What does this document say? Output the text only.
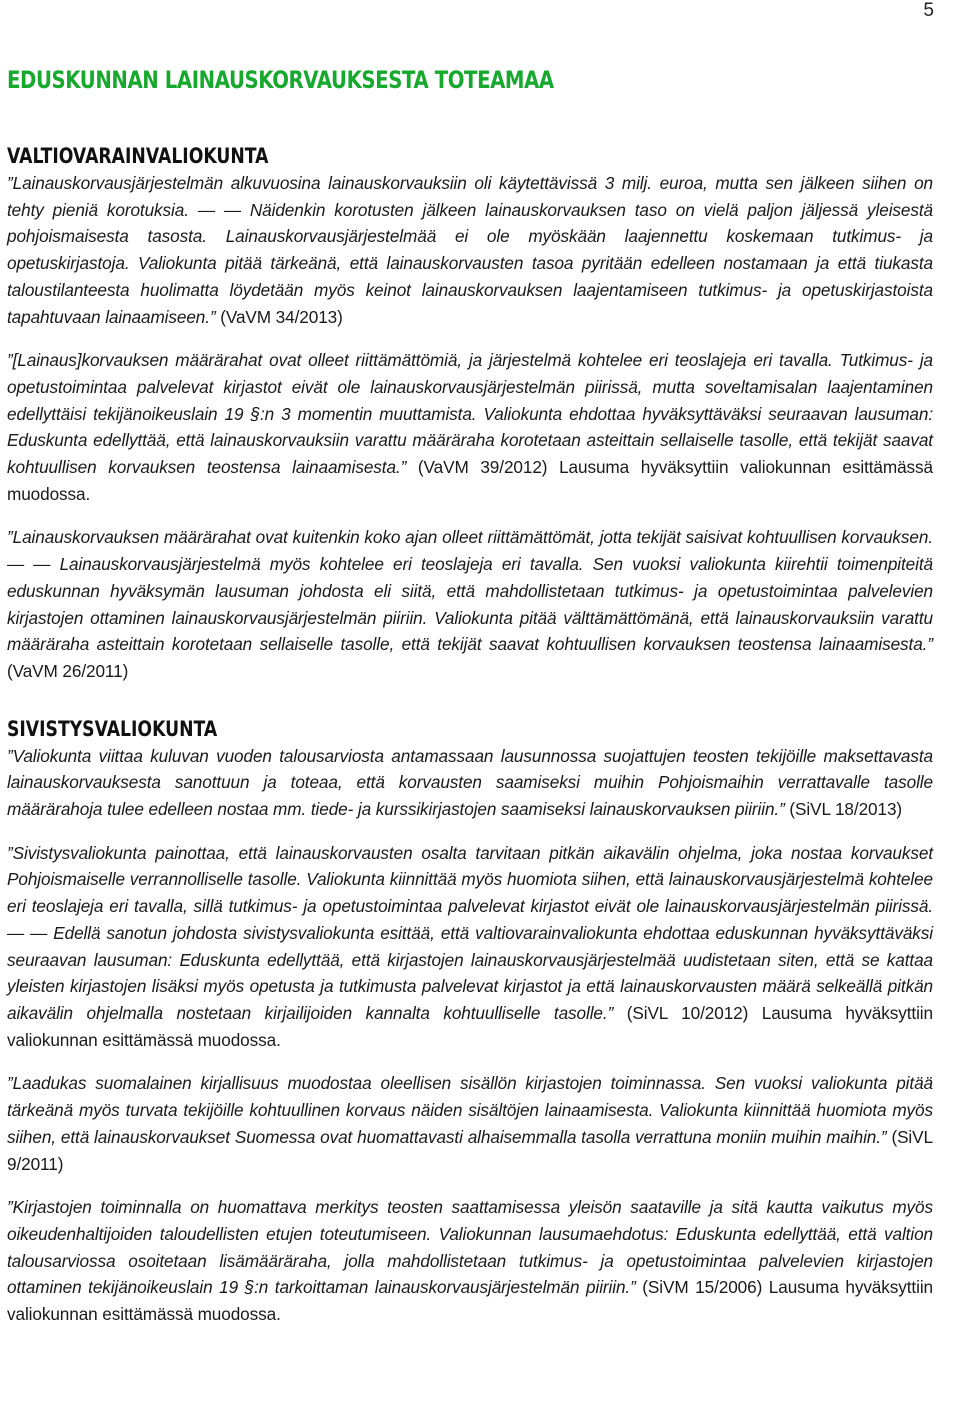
5
EDUSKUNNAN LAINAUSKORVAUKSESTA TOTEAMAA
VALTIOVARAINVALIOKUNTA

”Lainauskorvausjärjestelmän alkuvuosina lainauskorvauksiin oli käytettävissä 3 milj. euroa, mutta sen jälkeen siihen on tehty pieniä korotuksia. — — Näidenkin korotusten jälkeen lainauskorvauksen taso on vielä paljon jäljessä yleisestä pohjoismaisesta tasosta. Lainauskorvausjärjestelmää ei ole myöskään laajennettu koskemaan tutkimus- ja opetuskirjastoja. Valiokunta pitää tärkeänä, että lainauskorvausten tasoa pyritään edelleen nostamaan ja että tiukasta taloustilanteesta huolimatta löydetään myös keinot lainauskorvauksen laajentamiseen tutkimus- ja opetuskirjastoista tapahtuvaan lainaamiseen.” (VaVM 34/2013)

”[Lainaus]korvauksen määrärahat ovat olleet riittämättömiä, ja järjestelmä kohtelee eri teoslajeja eri tavalla. Tutkimus- ja opetustoimintaa palvelevat kirjastot eivät ole lainauskorvausjärjestelmän piirissä, mutta soveltamisalan laajentaminen edellyttäisi tekijänoikeuslain 19 §:n 3 momentin muuttamista. Valiokunta ehdottaa hyväksyttäväksi seuraavan lausuman: Eduskunta edellyttää, että lainauskorvauksiin varattu määräraha korotetaan asteittain sellaiselle tasolle, että tekijät saavat kohtuullisen korvauksen teostensa lainaamisesta.” (VaVM 39/2012) Lausuma hyväksyttiin valiokunnan esittämässä muodossa.

”Lainauskorvauksen määrärahat ovat kuitenkin koko ajan olleet riittämättömät, jotta tekijät saisivat kohtuullisen korvauksen. — — Lainauskorvausjärjestelmä myös kohtelee eri teoslajeja eri tavalla. Sen vuoksi valiokunta kiirehtii toimenpiteitä eduskunnan hyväksymän lausuman johdosta eli siitä, että mahdollistetaan tutkimus- ja opetustoimintaa palvelevien kirjastojen ottaminen lainauskorvausjärjestelmän piiriin. Valiokunta pitää välttämättömänä, että lainauskorvauksiin varattu määräraha asteittain korotetaan sellaiselle tasolle, että tekijät saavat kohtuullisen korvauksen teostensa lainaamisesta.” (VaVM 26/2011)

SIVISTYSVALIOKUNTA

”Valiokunta viittaa kuluvan vuoden talousarviosta antamassaan lausunnossa suojattujen teosten tekijöille maksettavasta lainauskorvauksesta sanottuun ja toteaa, että korvausten saamiseksi muihin Pohjoismaihin verrattavalle tasolle määrärahoja tulee edelleen nostaa mm. tiede- ja kurssikirjastojen saamiseksi lainauskorvauksen piiriin.” (SiVL 18/2013)

”Sivistysvaliokunta painottaa, että lainauskorvausten osalta tarvitaan pitkän aikavälin ohjelma, joka nostaa korvaukset Pohjoismaiselle verrannolliselle tasolle. Valiokunta kiinnittää myös huomiota siihen, että lainauskorvausjärjestelmä kohtelee eri teoslajeja eri tavalla, sillä tutkimus- ja opetustoimintaa palvelevat kirjastot eivät ole lainauskorvausjärjestelmän piirissä. — — Edellä sanotun johdosta sivistysvaliokunta esittää, että valtiovarainvaliokunta ehdottaa eduskunnan hyväksyttäväksi seuraavan lausuman: Eduskunta edellyttää, että kirjastojen lainauskorvausjärjestelmää uudistetaan siten, että se kattaa yleisten kirjastojen lisäksi myös opetusta ja tutkimusta palvelevat kirjastot ja että lainauskorvausten määrä selkeällä pitkän aikavälin ohjelmalla nostetaan kirjailijoiden kannalta kohtuulliselle tasolle.” (SiVL 10/2012) Lausuma hyväksyttiin valiokunnan esittämässä muodossa.

”Laadukas suomalainen kirjallisuus muodostaa oleellisen sisällön kirjastojen toiminnassa. Sen vuoksi valiokunta pitää tärkeänä myös turvata tekijöille kohtuullinen korvaus näiden sisältöjen lainaamisesta. Valiokunta kiinnittää huomiota myös siihen, että lainauskorvaukset Suomessa ovat huomattavasti alhaisemmalla tasolla verrattuna moniin muihin maihin.” (SiVL 9/2011)

”Kirjastojen toiminnalla on huomattava merkitys teosten saattamisessa yleisön saataville ja sitä kautta vaikutus myös oikeudenhaltijoiden taloudellisten etujen toteutumiseen. Valiokunnan lausumaehdotus: Eduskunta edellyttää, että valtion talousarviossa osoitetaan lisämääräraha, jolla mahdollistetaan tutkimus- ja opetustoimintaa palvelevien kirjastojen ottaminen tekijänoikeuslain 19 §:n tarkoittaman lainauskorvausjärjestelmän piiriin.” (SiVM 15/2006) Lausuma hyväksyttiin valiokunnan esittämässä muodossa.
